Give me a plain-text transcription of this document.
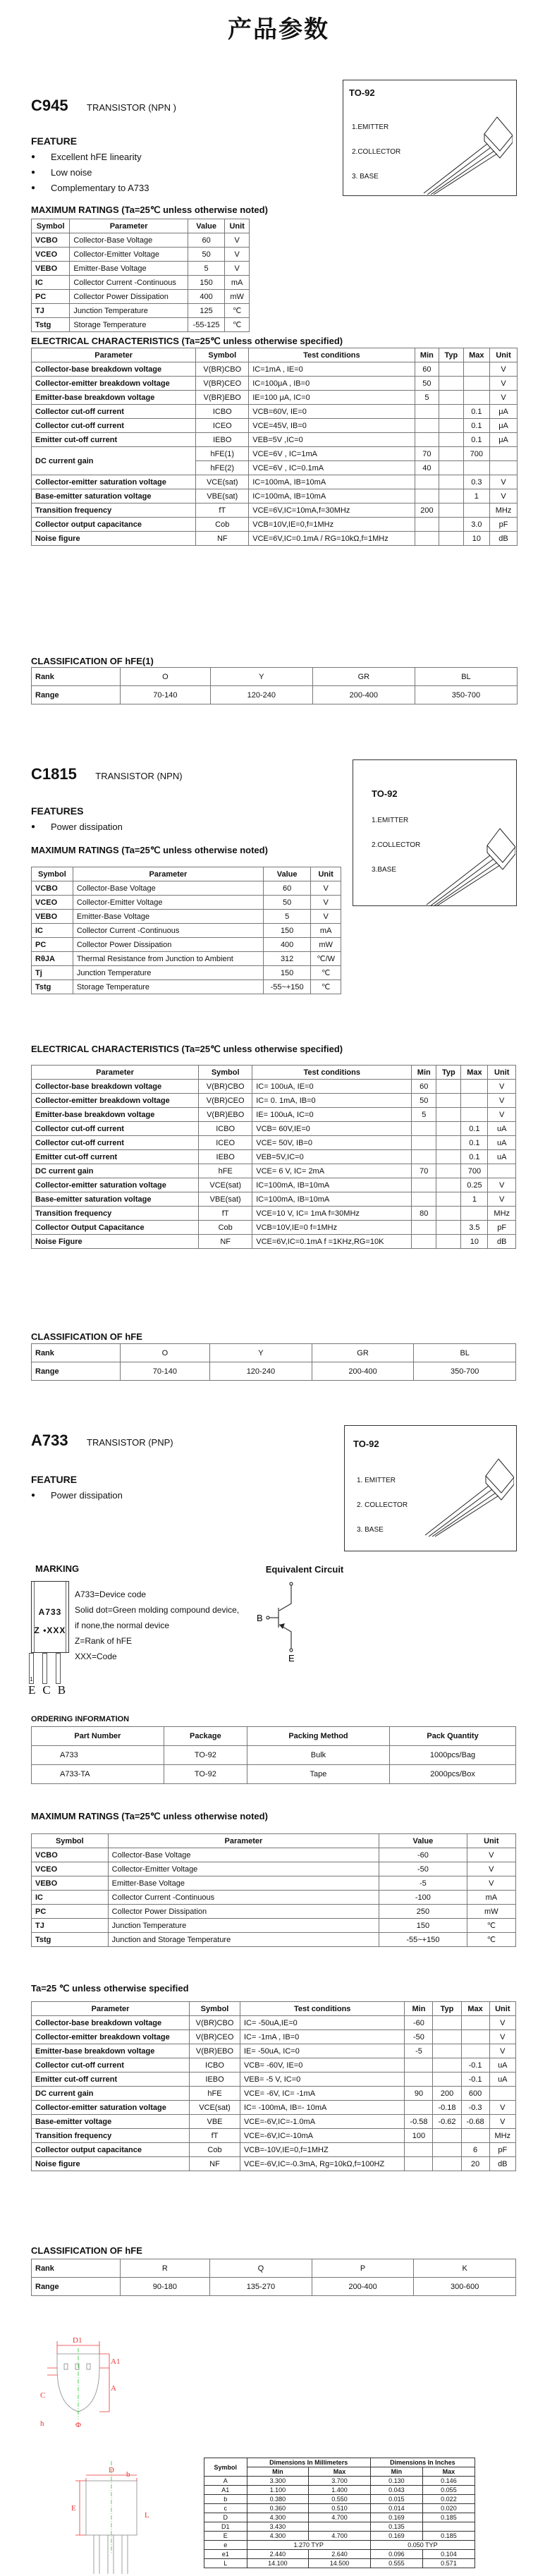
产品参数
C945 TRANSISTOR (NPN )
FEATURE
● Excellent hFE linearity
● Low noise
● Complementary to A733
TO-92
1.EMITTER
2.COLLECTOR
3. BASE
MAXIMUM RATINGS (Ta=25℃ unless otherwise noted)
Symbol	Parameter	Value	Unit
VCBO	Collector-Base Voltage	60	V
VCEO	Collector-Emitter Voltage	50	V
VEBO	Emitter-Base Voltage	5	V
IC	Collector Current -Continuous	150	mA
PC	Collector Power Dissipation	400	mW
TJ	Junction Temperature	125	℃
Tstg	Storage Temperature	-55-125	℃
ELECTRICAL CHARACTERISTICS (Ta=25℃ unless otherwise specified)
Parameter	Symbol	Test conditions	Min	Typ	Max	Unit
Collector-base breakdown voltage	V(BR)CBO	IC=1mA , IE=0	60			V
Collector-emitter breakdown voltage	V(BR)CEO	IC=100μA , IB=0	50			V
Emitter-base breakdown voltage	V(BR)EBO	IE=100 μA, IC=0	5			V
Collector cut-off current	ICBO	VCB=60V, IE=0			0.1	μA
Collector cut-off current	ICEO	VCE=45V, IB=0			0.1	μA
Emitter cut-off current	IEBO	VEB=5V ,IC=0			0.1	μA
DC current gain	hFE(1)	VCE=6V , IC=1mA	70		700	
	hFE(2)	VCE=6V , IC=0.1mA	40			
Collector-emitter saturation voltage	VCE(sat)	IC=100mA, IB=10mA			0.3	V
Base-emitter saturation voltage	VBE(sat)	IC=100mA, IB=10mA			1	V
Transition frequency	fT	VCE=6V,IC=10mA,f=30MHz	200			MHz
Collector output capacitance	Cob	VCB=10V,IE=0,f=1MHz			3.0	pF
Noise figure	NF	VCE=6V,IC=0.1mA / RG=10kΩ,f=1MHz			10	dB
CLASSIFICATION OF hFE(1)
Rank	O	Y	GR	BL
Range	70-140	120-240	200-400	350-700
C1815 TRANSISTOR (NPN)
FEATURES
● Power dissipation
TO-92
1.EMITTER
2.COLLECTOR
3.BASE
MAXIMUM RATINGS (Ta=25℃ unless otherwise noted)
Symbol	Parameter	Value	Unit
VCBO	Collector-Base Voltage	60	V
VCEO	Collector-Emitter Voltage	50	V
VEBO	Emitter-Base Voltage	5	V
IC	Collector Current -Continuous	150	mA
PC	Collector Power Dissipation	400	mW
RθJA	Thermal Resistance from Junction to Ambient	312	℃/W
Tj	Junction Temperature	150	℃
Tstg	Storage Temperature	-55~+150	℃
ELECTRICAL CHARACTERISTICS (Ta=25℃ unless otherwise specified)
Parameter	Symbol	Test conditions	Min	Typ	Max	Unit
Collector-base breakdown voltage	V(BR)CBO	IC= 100uA, IE=0	60			V
Collector-emitter breakdown voltage	V(BR)CEO	IC= 0. 1mA, IB=0	50			V
Emitter-base breakdown voltage	V(BR)EBO	IE= 100uA, IC=0	5			V
Collector cut-off current	ICBO	VCB= 60V,IE=0			0.1	uA
Collector cut-off current	ICEO	VCE= 50V, IB=0			0.1	uA
Emitter cut-off current	IEBO	VEB=5V,IC=0			0.1	uA
DC current gain	hFE	VCE= 6 V, IC= 2mA	70		700	
Collector-emitter saturation voltage	VCE(sat)	IC=100mA, IB=10mA			0.25	V
Base-emitter saturation voltage	VBE(sat)	IC=100mA, IB=10mA			1	V
Transition frequency	fT	VCE=10 V, IC= 1mA f=30MHz	80			MHz
Collector Output Capacitance	Cob	VCB=10V,IE=0 f=1MHz			3.5	pF
Noise Figure	NF	VCE=6V,IC=0.1mA f =1KHz,RG=10K			10	dB
CLASSIFICATION OF hFE
Rank	O	Y	GR	BL
Range	70-140	120-240	200-400	350-700
A733 TRANSISTOR (PNP)
FEATURE
● Power dissipation
TO-92
1. EMITTER
2. COLLECTOR
3. BASE
MARKING
A733
Z •XXX
1
ECB
A733=Device code
Solid dot=Green molding compound device,
if none,the normal device
Z=Rank of hFE
XXX=Code
Equivalent Circuit
B
E
ORDERING INFORMATION
Part Number	Package	Packing Method	Pack Quantity
A733	TO-92	Bulk	1000pcs/Bag
A733-TA	TO-92	Tape	2000pcs/Box
MAXIMUM RATINGS (Ta=25℃ unless otherwise noted)
Symbol	Parameter	Value	Unit
VCBO	Collector-Base Voltage	-60	V
VCEO	Collector-Emitter Voltage	-50	V
VEBO	Emitter-Base Voltage	-5	V
IC	Collector Current -Continuous	-100	mA
PC	Collector Power Dissipation	250	mW
TJ	Junction Temperature	150	℃
Tstg	Junction and Storage Temperature	-55~+150	℃
Ta=25 ℃ unless otherwise specified
Parameter	Symbol	Test conditions	Min	Typ	Max	Unit
Collector-base breakdown voltage	V(BR)CBO	IC= -50uA,IE=0	-60			V
Collector-emitter breakdown voltage	V(BR)CEO	IC= -1mA , IB=0	-50			V
Emitter-base breakdown voltage	V(BR)EBO	IE= -50uA, IC=0	-5			V
Collector cut-off current	ICBO	VCB= -60V, IE=0			-0.1	uA
Emitter cut-off current	IEBO	VEB= -5 V, IC=0			-0.1	uA
DC current gain	hFE	VCE= -6V, IC= -1mA	90	200	600	
Collector-emitter saturation voltage	VCE(sat)	IC= -100mA, IB=- 10mA		-0.18	-0.3	V
Base-emitter voltage	VBE	VCE=-6V,IC=-1.0mA	-0.58	-0.62	-0.68	V
Transition frequency	fT	VCE=-6V,IC=-10mA	100			MHz
Collector output capacitance	Cob	VCB=-10V,IE=0,f=1MHZ			6	pF
Noise figure	NF	VCE=-6V,IC=-0.3mA, Rg=10kΩ,f=100HZ			20	dB
CLASSIFICATION OF hFE
Rank	R	Q	P	K
Range	90-180	135-270	200-400	300-600
D1
A1
A
C
h	Φ
D
E
b
L
Symbol	Dimensions In Millimeters		Dimensions In Inches	
	Min	Max	Min	Max
A	3.300	3.700	0.130	0.146
A1	1.100	1.400	0.043	0.055
b	0.380	0.550	0.015	0.022
c	0.360	0.510	0.014	0.020
D	4.300	4.700	0.169	0.185
D1	3.430		0.135	
E	4.300	4.700	0.169	0.185
e	1.270 TYP		0.050 TYP	
e1	2.440	2.640	0.096	0.104
L	14.100	14.500	0.555	0.571
